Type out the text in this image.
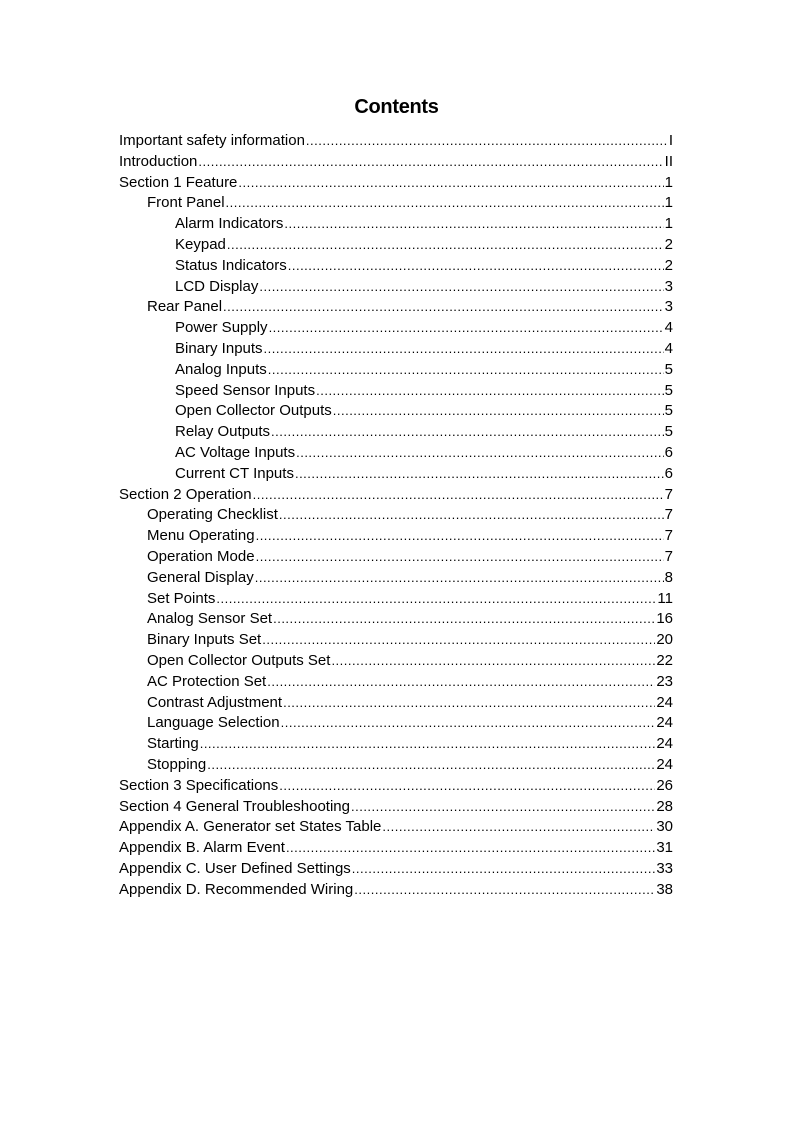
Contents
Important safety information .....	I
Introduction .....	II
Section 1 Feature .....	1
Front Panel .....	1
Alarm Indicators .....	1
Keypad .....	2
Status Indicators .....	2
LCD Display .....	3
Rear Panel .....	3
Power Supply .....	4
Binary Inputs .....	4
Analog Inputs .....	5
Speed Sensor Inputs .....	5
Open Collector Outputs .....	5
Relay Outputs .....	5
AC Voltage Inputs .....	6
Current CT Inputs .....	6
Section 2 Operation .....	7
Operating Checklist .....	7
Menu Operating .....	7
Operation Mode .....	7
General Display .....	8
Set Points .....	11
Analog Sensor Set .....	16
Binary Inputs Set .....	20
Open Collector Outputs Set .....	22
AC Protection Set .....	23
Contrast Adjustment .....	24
Language Selection .....	24
Starting .....	24
Stopping .....	24
Section 3 Specifications .....	26
Section 4 General Troubleshooting .....	28
Appendix A. Generator set States Table .....	30
Appendix B. Alarm Event .....	31
Appendix C. User Defined Settings .....	33
Appendix D. Recommended Wiring .....	38
